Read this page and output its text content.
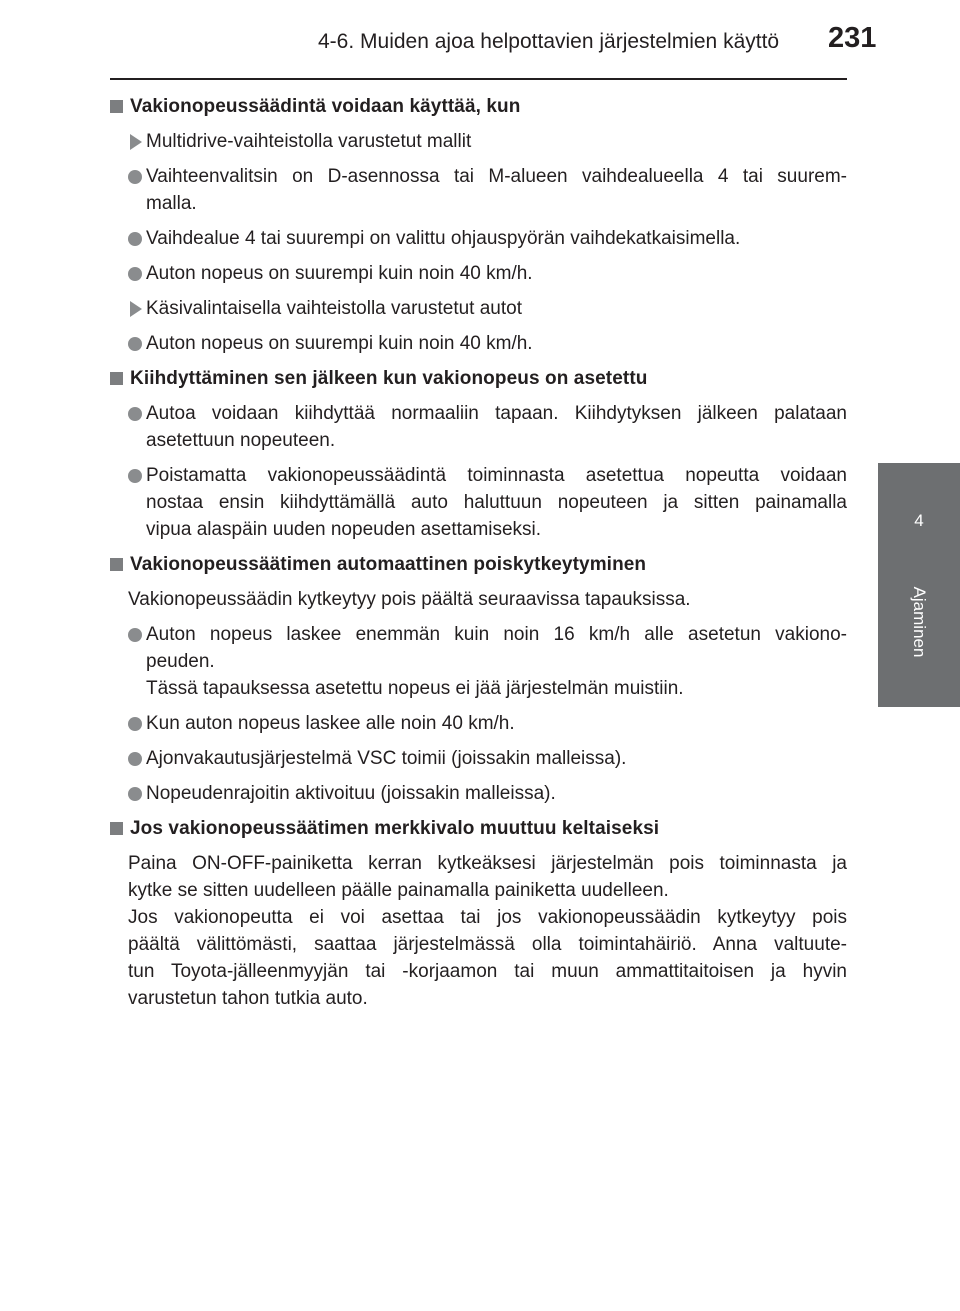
4-6. Muiden ajoa helpottavien järjestelmien käyttö 231
4
Ajaminen
Vakionopeussäädintä voidaan käyttää, kun
Multidrive-vaihteistolla varustetut mallit
Vaihteenvalitsin on D-asennossa tai M-alueen vaihdealueella 4 tai suurem-
malla.
Vaihdealue 4 tai suurempi on valittu ohjauspyörän vaihdekatkaisimella.
Auton nopeus on suurempi kuin noin 40 km/h.
Käsivalintaisella vaihteistolla varustetut autot
Auton nopeus on suurempi kuin noin 40 km/h.
Kiihdyttäminen sen jälkeen kun vakionopeus on asetettu
Autoa voidaan kiihdyttää normaaliin tapaan. Kiihdytyksen jälkeen palataan
asetettuun nopeuteen.
Poistamatta vakionopeussäädintä toiminnasta asetettua nopeutta voidaan
nostaa ensin kiihdyttämällä auto haluttuun nopeuteen ja sitten painamalla
vipua alaspäin uuden nopeuden asettamiseksi.
Vakionopeussäätimen automaattinen poiskytkeytyminen
Vakionopeussäädin kytkeytyy pois päältä seuraavissa tapauksissa.
Auton nopeus laskee enemmän kuin noin 16 km/h alle asetetun vakiono-
peuden.
Tässä tapauksessa asetettu nopeus ei jää järjestelmän muistiin.
Kun auton nopeus laskee alle noin 40 km/h.
Ajonvakautusjärjestelmä VSC toimii (joissakin malleissa).
Nopeudenrajoitin aktivoituu (joissakin malleissa).
Jos vakionopeussäätimen merkkivalo muuttuu keltaiseksi
Paina ON-OFF-painiketta kerran kytkeäksesi järjestelmän pois toiminnasta ja
kytke se sitten uudelleen päälle painamalla painiketta uudelleen.
Jos vakionopeutta ei voi asettaa tai jos vakionopeussäädin kytkeytyy pois
päältä välittömästi, saattaa järjestelmässä olla toimintahäiriö. Anna valtuute-
tun Toyota-jälleenmyyjän tai -korjaamon tai muun ammattitaitoisen ja hyvin
varustetun tahon tutkia auto.
